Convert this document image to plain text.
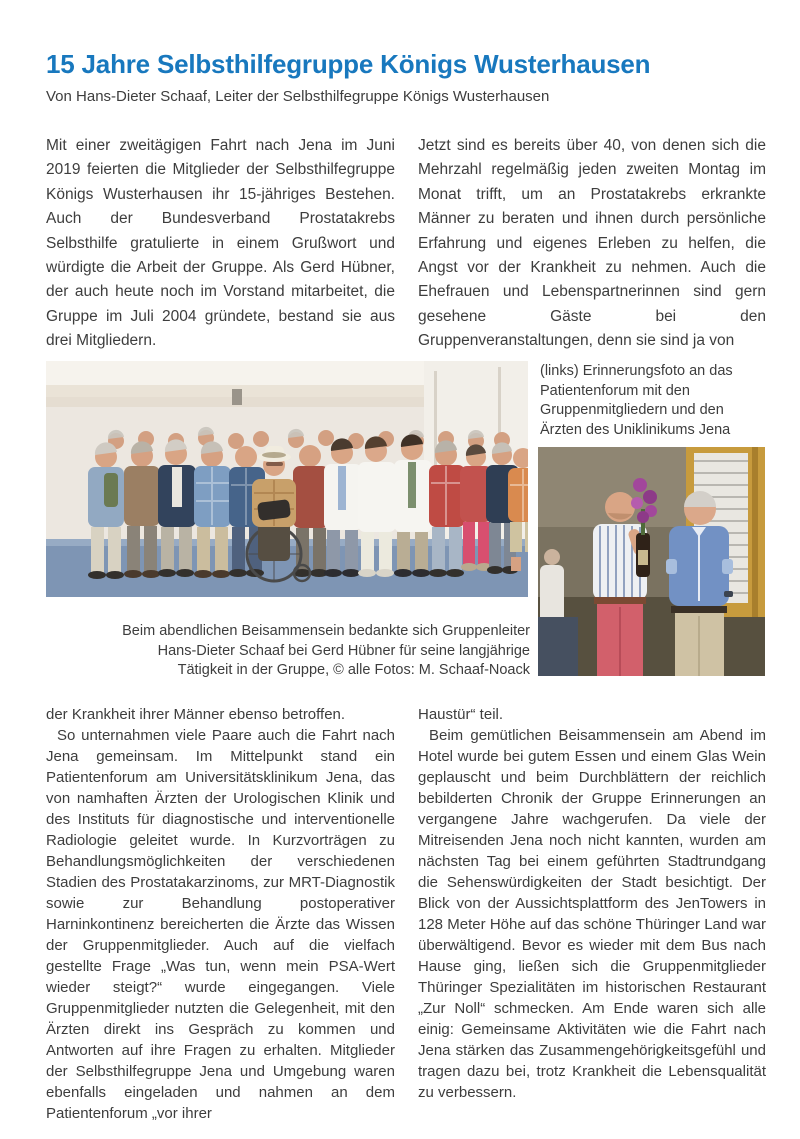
15 Jahre Selbsthilfegruppe Königs Wusterhausen
Von Hans-Dieter Schaaf, Leiter der Selbsthilfegruppe Königs Wusterhausen

Mit einer zweitägigen Fahrt nach Jena im Juni 2019 feierten die Mitglieder der Selbsthilfegruppe Königs Wusterhausen ihr 15-jähriges Bestehen. Auch der Bundesverband Prostatakrebs Selbsthilfe gratulierte in einem Grußwort und würdigte die Arbeit der Gruppe. Als Gerd Hübner, der auch heute noch im Vorstand mitarbeitet, die Gruppe im Juli 2004 gründete, bestand sie aus drei Mitgliedern.

Jetzt sind es bereits über 40, von denen sich die Mehrzahl regelmäßig jeden zweiten Montag im Monat trifft, um an Prostatakrebs erkrankte Männer zu beraten und ihnen durch persönliche Erfahrung und eigenes Erleben zu helfen, die Angst vor der Krankheit zu nehmen. Auch die Ehefrauen und Lebenspartnerinnen sind gern gesehene Gäste bei den Gruppenveranstaltungen, denn sie sind ja von

(links) Erinnerungsfoto an das Patientenforum mit den Gruppenmitgliedern und den Ärzten des Uniklinikums Jena
Beim abendlichen Beisammensein bedankte sich Gruppenleiter Hans-Dieter Schaaf bei Gerd Hübner für seine langjährige Tätigkeit in der Gruppe, © alle Fotos: M. Schaaf-Noack

der Krankheit ihrer Männer ebenso betroffen.

So unternahmen viele Paare auch die Fahrt nach Jena gemeinsam. Im Mittelpunkt stand ein Patientenforum am Universitätsklinikum Jena, das von namhaften Ärzten der Urologischen Klinik und des Instituts für diagnostische und interventionelle Radiologie geleitet wurde. In Kurzvorträgen zu Behandlungsmöglichkeiten der verschiedenen Stadien des Prostatakarzinoms, zur MRT-Diagnostik sowie zur Behandlung postoperativer Harninkontinenz bereicherten die Ärzte das Wissen der Gruppenmitglieder. Auch auf die vielfach gestellte Frage „Was tun, wenn mein PSA-Wert wieder steigt?“ wurde eingegangen. Viele Gruppenmitglieder nutzten die Gelegenheit, mit den Ärzten direkt ins Gespräch zu kommen und Antworten auf ihre Fragen zu erhalten. Mitglieder der Selbsthilfegruppe Jena und Umgebung waren ebenfalls eingeladen und nahmen an dem Patientenforum „vor ihrer

Haustür“ teil.

Beim gemütlichen Beisammensein am Abend im Hotel wurde bei gutem Essen und einem Glas Wein geplauscht und beim Durchblättern der reichlich bebilderten Chronik der Gruppe Erinnerungen an vergangene Jahre wachgerufen. Da viele der Mitreisenden Jena noch nicht kannten, wurden am nächsten Tag bei einem geführten Stadtrundgang die Sehenswürdigkeiten der Stadt besichtigt. Der Blick von der Aussichtsplattform des JenTowers in 128 Meter Höhe auf das schöne Thüringer Land war überwältigend. Bevor es wieder mit dem Bus nach Hause ging, ließen sich die Gruppenmitglieder Thüringer Spezialitäten im historischen Restaurant „Zur Noll“ schmecken. Am Ende waren sich alle einig: Gemeinsame Aktivitäten wie die Fahrt nach Jena stärken das Zusammengehörigkeitsgefühl und tragen dazu bei, trotz Krankheit die Lebensqualität zu verbessern.
